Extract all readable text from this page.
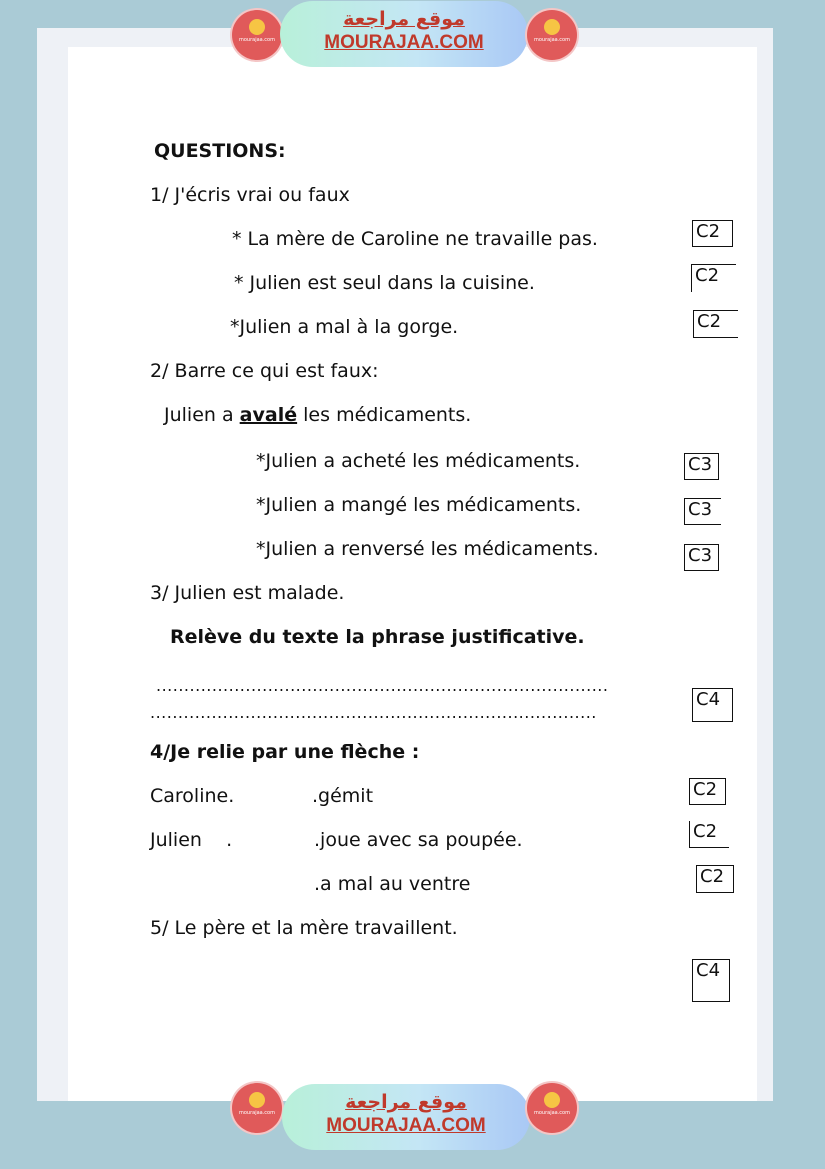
mourajaa.com
موقع مراجعة
MOURAJAA.COM	mourajaa.com
QUESTIONS:
1/ J'écris vrai ou faux
* La mère de Caroline ne travaille pas.
* Julien est seul dans la cuisine.
*Julien a mal à la gorge.
C2
C2
C2
2/ Barre ce qui est faux:
Julien a avalé les médicaments.
*Julien a acheté les médicaments.
*Julien a mangé les médicaments.
*Julien a renversé les médicaments.
C3
C3
C3
3/ Julien est malade.
Relève du texte la phrase justificative.
.................................................................................
................................................................................
C4
4/Je relie par une flèche :
Caroline.
Julien    .
.gémit
.joue avec sa poupée.
.a mal au ventre
C2
C2
C2
5/ Le père et la mère travaillent.
C4
mourajaa.com	موقع مراجعة
MOURAJAA.COM
mourajaa.com
